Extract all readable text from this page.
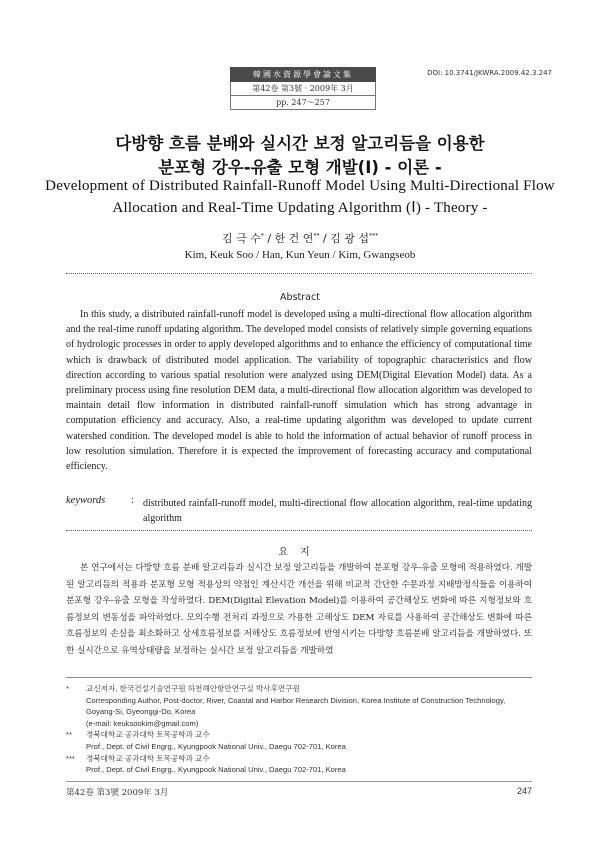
韓國水資源學會論文集
第42卷 第3號 · 2009年 3月
pp. 247～257
DOI: 10.3741/JKWRA.2009.42.3.247
다방향 흐름 분배와 실시간 보정 알고리듬을 이용한
분포형 강우-유출 모형 개발(Ⅰ) - 이론 -
Development of Distributed Rainfall-Runoff Model Using Multi-Directional Flow
Allocation and Real-Time Updating Algorithm (Ⅰ) - Theory -
김 극 수* / 한 건 연** / 김 광 섭***
Kim, Keuk Soo / Han, Kun Yeun / Kim, Gwangseob
Abstract

In this study, a distributed rainfall-runoff model is developed using a multi-directional flow allocation algorithm and the real-time runoff updating algorithm. The developed model consists of relatively simple governing equations of hydrologic processes in order to apply developed algorithms and to enhance the efficiency of computational time which is drawback of distributed model application. The variability of topographic characteristics and flow direction according to various spatial resolution were analyzed using DEM(Digital Elevation Model) data. As a preliminary process using fine resolution DEM data, a multi-directional flow allocation algorithm was developed to maintain detail flow information in distributed rainfall-runoff simulation which has strong advantage in computation efficiency and accuracy. Also, a real-time updating algorithm was developed to update current watershed condition. The developed model is able to hold the information of actual behavior of runoff process in low resolution simulation. Therefore it is expected the improvement of forecasting accuracy and computational efficiency.

keywords : distributed rainfall-runoff model, multi-directional flow allocation algorithm, real-time updating algorithm

요지

본 연구에서는 다방향 흐름 분배 알고리듬과 실시간 보정 알고리듬을 개발하여 분포형 강우-유출 모형에 적용하였다. 개발된 알고리듬의 적용과 분포형 모형 적용상의 약점인 계산시간 개선을 위해 비교적 간단한 수문과정 지배방정식들을 이용하여 분포형 강우-유출 모형을 작성하였다. DEM(Digital Elevation Model)를 이용하여 공간해상도 변화에 따른 지형정보와 흐름정보의 변동성을 파악하였다. 모의수행 전처리 과정으로 가용한 고해상도 DEM 자료를 사용하여 공간해상도 변화에 따른 흐름정보의 손실을 최소화하고 상세흐름정보를 저해상도 흐름정보에 반영시키는 다방향 흐름분배 알고리듬을 개발하였다. 또한 실시간으로 유역상태량을 보정하는 실시간 보정 알고리듬을 개발하였

* 교신저자, 한국건설기술연구원 하천해안항만연구실 박사후연구원
Corresponding Author, Post-doctor, River, Coastal and Harbor Research Division, Korea Institute of Construction Technology,
Goyang-Si, Gyeonggi-Do, Korea
(e-mail: keuksookim@gmail.com)
** 경북대학교 공과대학 토목공학과 교수
Prof., Dept. of Civil Engrg., Kyungpook National Univ., Daegu 702-701, Korea
*** 경북대학교 공과대학 토목공학과 교수
Prof., Dept. of Civil Engrg., Kyungpook National Univ., Daegu 702-701, Korea
第42卷 第3號 2009年 3月	247
